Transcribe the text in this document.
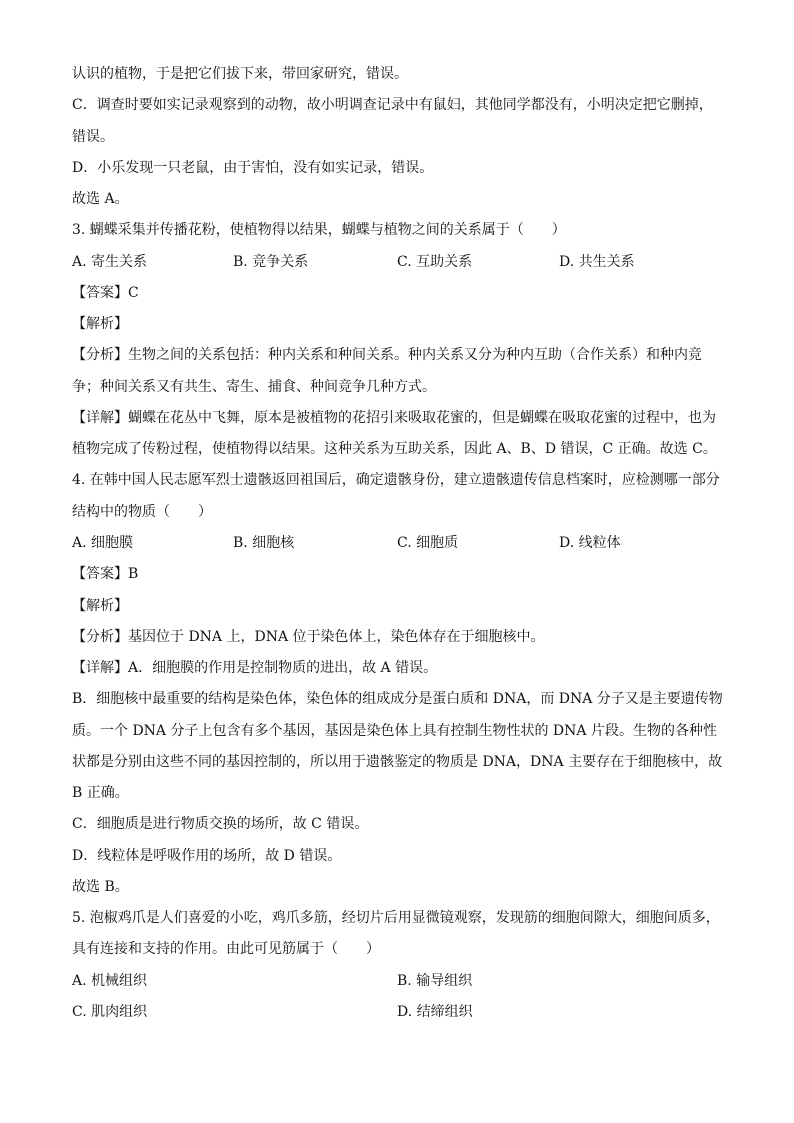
认识的植物，于是把它们拔下来，带回家研究，错误。
C．调查时要如实记录观察到的动物，故小明调查记录中有鼠妇，其他同学都没有，小明决定把它删掉，
错误。
D．小乐发现一只老鼠，由于害怕，没有如实记录，错误。
故选 A。
3. 蝴蝶采集并传播花粉，使植物得以结果，蝴蝶与植物之间的关系属于（　　）
A. 寄生关系	B. 竞争关系	C. 互助关系	D. 共生关系
【答案】C
【解析】
【分析】生物之间的关系包括：种内关系和种间关系。种内关系又分为种内互助（合作关系）和种内竞
争；种间关系又有共生、寄生、捕食、种间竞争几种方式。
【详解】蝴蝶在花丛中飞舞，原本是被植物的花招引来吸取花蜜的，但是蝴蝶在吸取花蜜的过程中，也为
植物完成了传粉过程，使植物得以结果。这种关系为互助关系，因此 A、B、D 错误，C 正确。故选 C。
4. 在韩中国人民志愿军烈士遗骸返回祖国后，确定遗骸身份，建立遗骸遗传信息档案时，应检测哪一部分
结构中的物质（　　）
A. 细胞膜	B. 细胞核	C. 细胞质	D. 线粒体
【答案】B
【解析】
【分析】基因位于 DNA 上，DNA 位于染色体上，染色体存在于细胞核中。
【详解】A．细胞膜的作用是控制物质的进出，故 A 错误。
B．细胞核中最重要的结构是染色体，染色体的组成成分是蛋白质和 DNA，而 DNA 分子又是主要遗传物
质。一个 DNA 分子上包含有多个基因，基因是染色体上具有控制生物性状的 DNA 片段。生物的各种性
状都是分别由这些不同的基因控制的，所以用于遗骸鉴定的物质是 DNA，DNA 主要存在于细胞核中，故
B 正确。
C．细胞质是进行物质交换的场所，故 C 错误。
D．线粒体是呼吸作用的场所，故 D 错误。
故选 B。
5. 泡椒鸡爪是人们喜爱的小吃，鸡爪多筋，经切片后用显微镜观察，发现筋的细胞间隙大，细胞间质多，
具有连接和支持的作用。由此可见筋属于（　　）
A. 机械组织	B. 输导组织
C. 肌肉组织	D. 结缔组织
